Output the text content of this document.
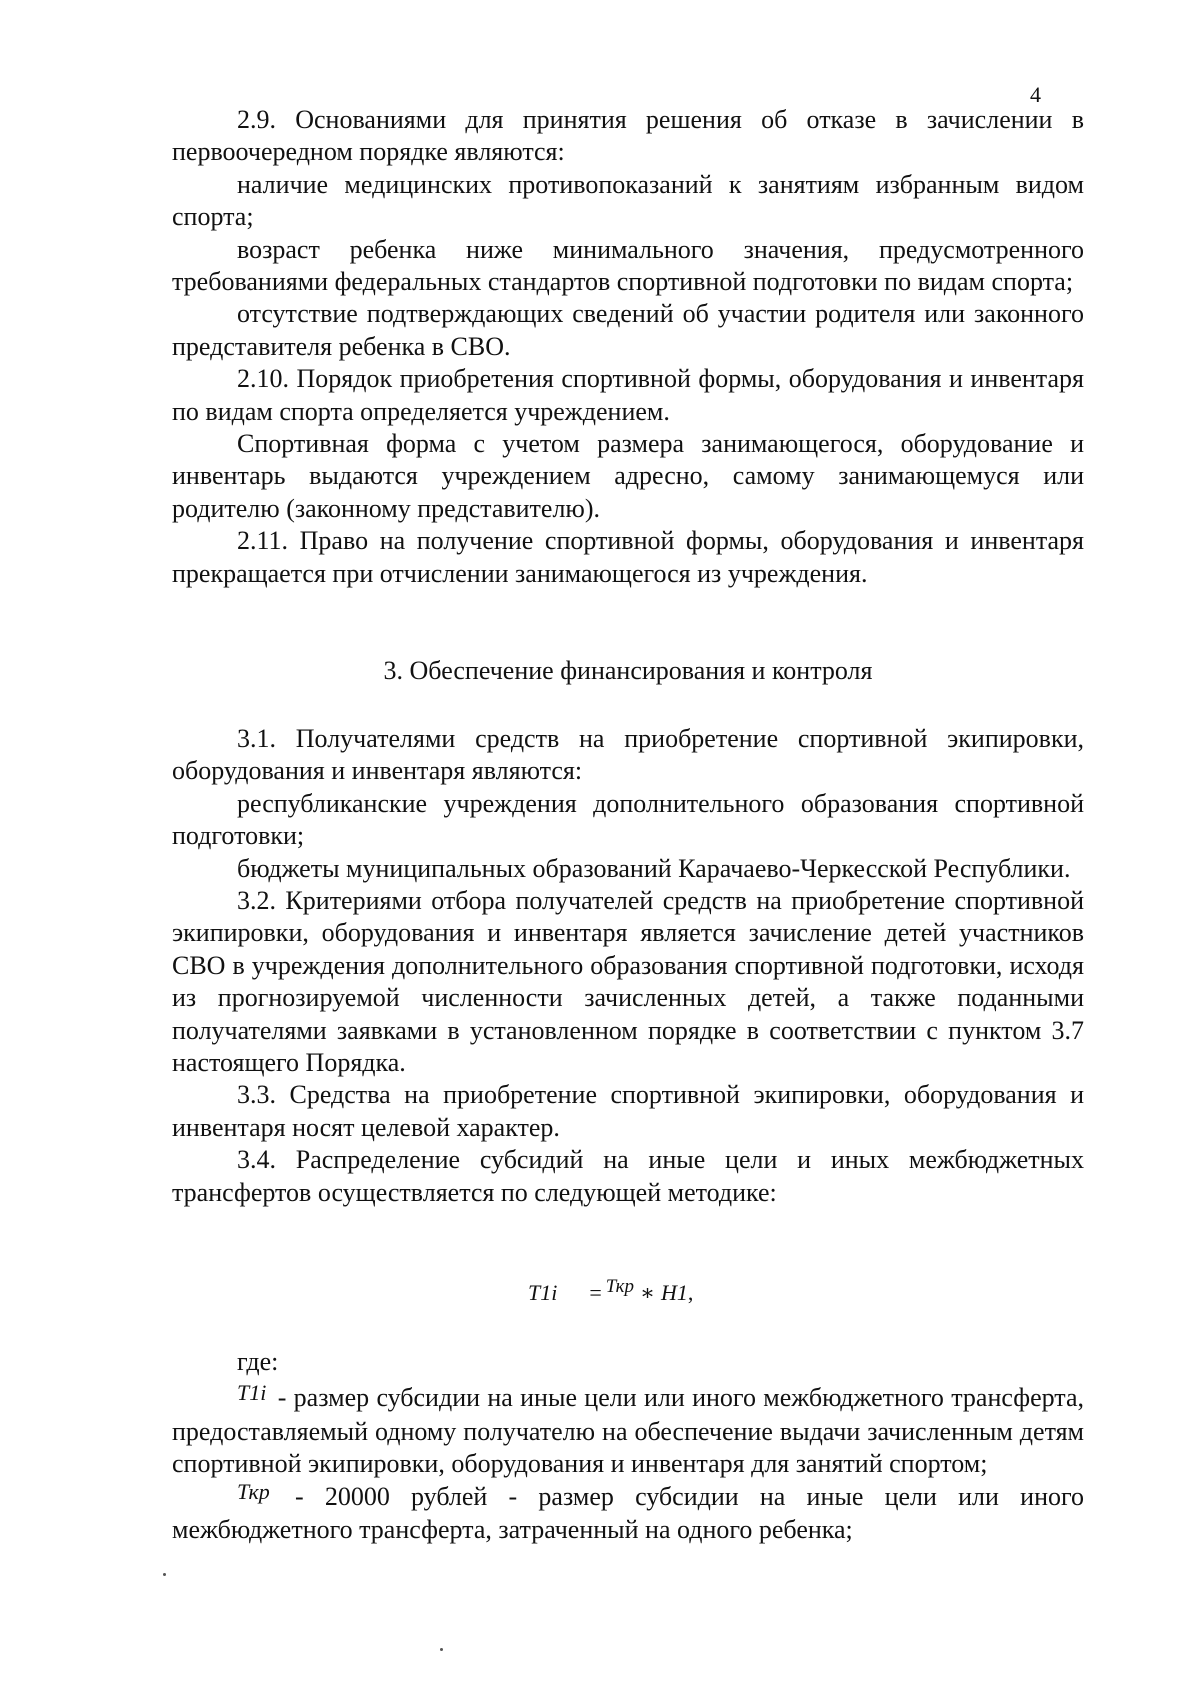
4

2.9. Основаниями для принятия решения об отказе в зачислении в первоочередном порядке являются:

наличие медицинских противопоказаний к занятиям избранным видом спорта;

возраст ребенка ниже минимального значения, предусмотренного требованиями федеральных стандартов спортивной подготовки по видам спорта;

отсутствие подтверждающих сведений об участии родителя или законного представителя ребенка в СВО.

2.10. Порядок приобретения спортивной формы, оборудования и инвентаря по видам спорта определяется учреждением.

Спортивная форма с учетом размера занимающегося, оборудование и инвентарь выдаются учреждением адресно, самому занимающемуся или родителю (законному представителю).

2.11. Право на получение спортивной формы, оборудования и инвентаря прекращается при отчислении занимающегося из учреждения.

3. Обеспечение финансирования и контроля

3.1. Получателями средств на приобретение спортивной экипировки, оборудования и инвентаря являются:

республиканские учреждения дополнительного образования спортивной подготовки;

бюджеты муниципальных образований Карачаево-Черкесской Республики.

3.2. Критериями отбора получателей средств на приобретение спортивной экипировки, оборудования и инвентаря является зачисление детей участников СВО в учреждения дополнительного образования спортивной подготовки, исходя из прогнозируемой численности зачисленных детей, а также поданными получателями заявками в установленном порядке в соответствии с пунктом 3.7 настоящего Порядка.

3.3. Средства на приобретение спортивной экипировки, оборудования и инвентаря носят целевой характер.

3.4. Распределение субсидий на иные цели и иных межбюджетных трансфертов осуществляется по следующей методике:

Т1i = Ткр ∗ Н1,

где:

$^{Т1i}$ - размер субсидии на иные цели или иного межбюджетного трансферта, предоставляемый одному получателю на обеспечение выдачи зачисленным детям спортивной экипировки, оборудования и инвентаря для занятий спортом;

$^{Ткр}$ - 20000 рублей - размер субсидии на иные цели или иного межбюджетного трансферта, затраченный на одного ребенка;
